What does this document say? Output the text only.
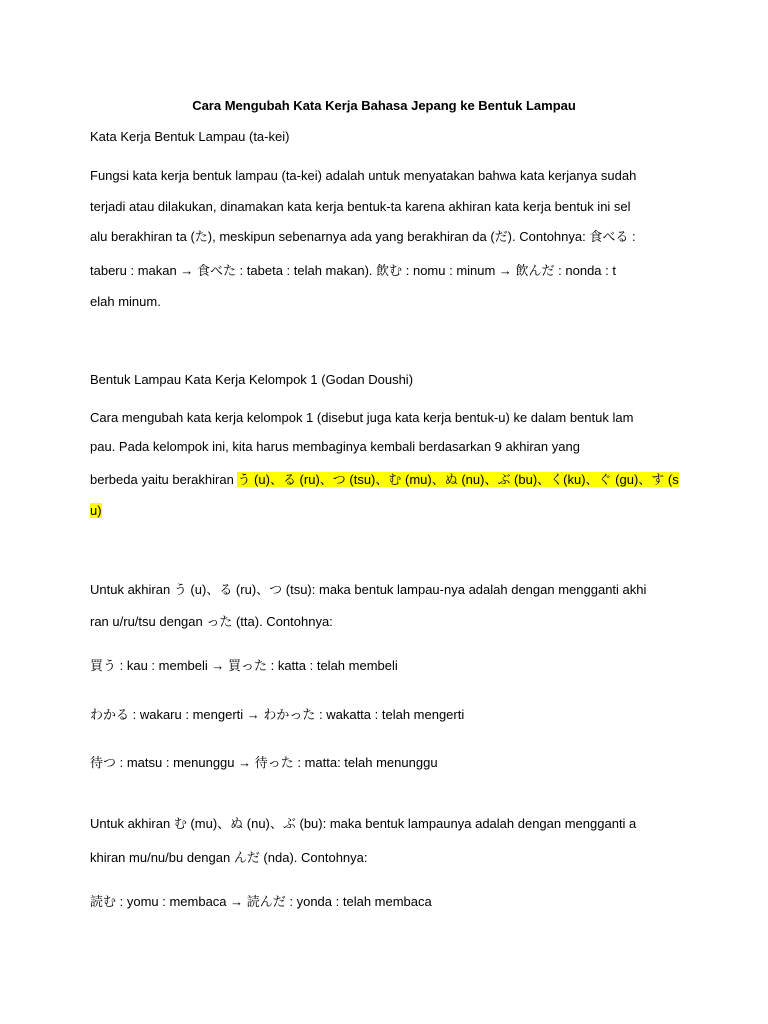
Cara Mengubah Kata Kerja Bahasa Jepang ke Bentuk Lampau
Kata Kerja Bentuk Lampau (ta-kei)
Fungsi kata kerja bentuk lampau (ta-kei) adalah untuk menyatakan bahwa kata kerjanya sudah
terjadi atau dilakukan, dinamakan kata kerja bentuk-ta karena akhiran kata kerja bentuk ini sel
alu berakhiran ta (た), meskipun sebenarnya ada yang berakhiran da (だ). Contohnya: 食べる :
taberu : makan → 食べた : tabeta : telah makan). 飲む : nomu : minum → 飲んだ : nonda : t
elah minum.
Bentuk Lampau Kata Kerja Kelompok 1 (Godan Doushi)
Cara mengubah kata kerja kelompok 1 (disebut juga kata kerja bentuk-u) ke dalam bentuk lam
pau. Pada kelompok ini, kita harus membaginya kembali berdasarkan 9 akhiran yang
berbeda yaitu berakhiran う (u)、る (ru)、つ (tsu)、む (mu)、ぬ (nu)、ぶ (bu)、く(ku)、ぐ (gu)、す (s
u)
Untuk akhiran う (u)、る (ru)、つ (tsu): maka bentuk lampau-nya adalah dengan mengganti akhi
ran u/ru/tsu dengan った (tta). Contohnya:
買う : kau : membeli → 買った : katta : telah membeli
わかる : wakaru : mengerti → わかった : wakatta : telah mengerti
待つ : matsu : menunggu → 待った : matta: telah menunggu
Untuk akhiran む (mu)、ぬ (nu)、ぶ (bu): maka bentuk lampaunya adalah dengan mengganti a
khiran mu/nu/bu dengan んだ (nda). Contohnya:
読む : yomu : membaca → 読んだ : yonda : telah membaca
